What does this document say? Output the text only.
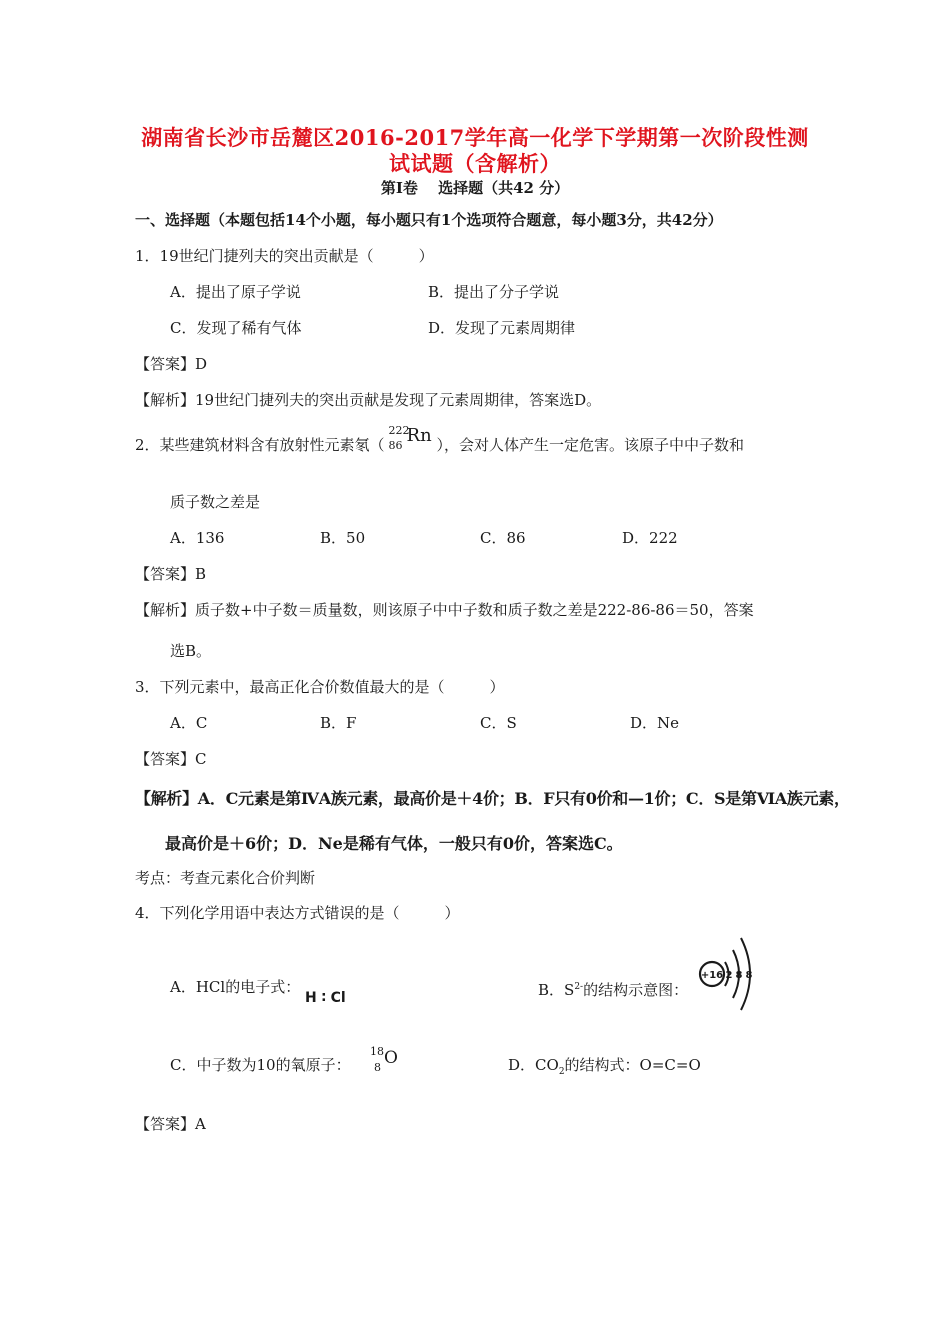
湖南省长沙市岳麓区2016-2017学年高一化学下学期第一次阶段性测
试试题（含解析）
第I卷　 选择题（共42 分）
一、选择题（本题包括14个小题，每小题只有1个选项符合题意，每小题3分，共42分）
1．19世纪门捷列夫的突出贡献是（　　　）
A．提出了原子学说	B．提出了分子学说
C．发现了稀有气体	D．发现了元素周期律
【答案】D
【解析】19世纪门捷列夫的突出贡献是发现了元素周期律，答案选D。
2．某些建筑材料含有放射性元素氡（
222
86 Rn ），会对人体产生一定危害。该原子中中子数和
质子数之差是
A．136	B．50	C．86	D．222
【答案】B
【解析】质子数+中子数＝质量数，则该原子中中子数和质子数之差是222-86-86＝50，答案
选B。
3．下列元素中，最高正化合价数值最大的是（　　　）
A．C	B．F	C．S	D．Ne
【答案】C
【解析】A．C元素是第ⅣA族元素，最高价是＋4价；B．F只有0价和—1价；C．S是第ⅥA族元素，
最高价是＋6价；D．Ne是稀有气体，一般只有0价，答案选C。
考点：考查元素化合价判断
4．下列化学用语中表达方式错误的是（　　　）
A．HCl的电子式：
H ∶ Cl	B．$S^{2-}$的结构示意图：
+16 2 8 8
C．中子数为10的氧原子：
18
8 O	D．$CO_2$的结构式：O=C=O
【答案】A
